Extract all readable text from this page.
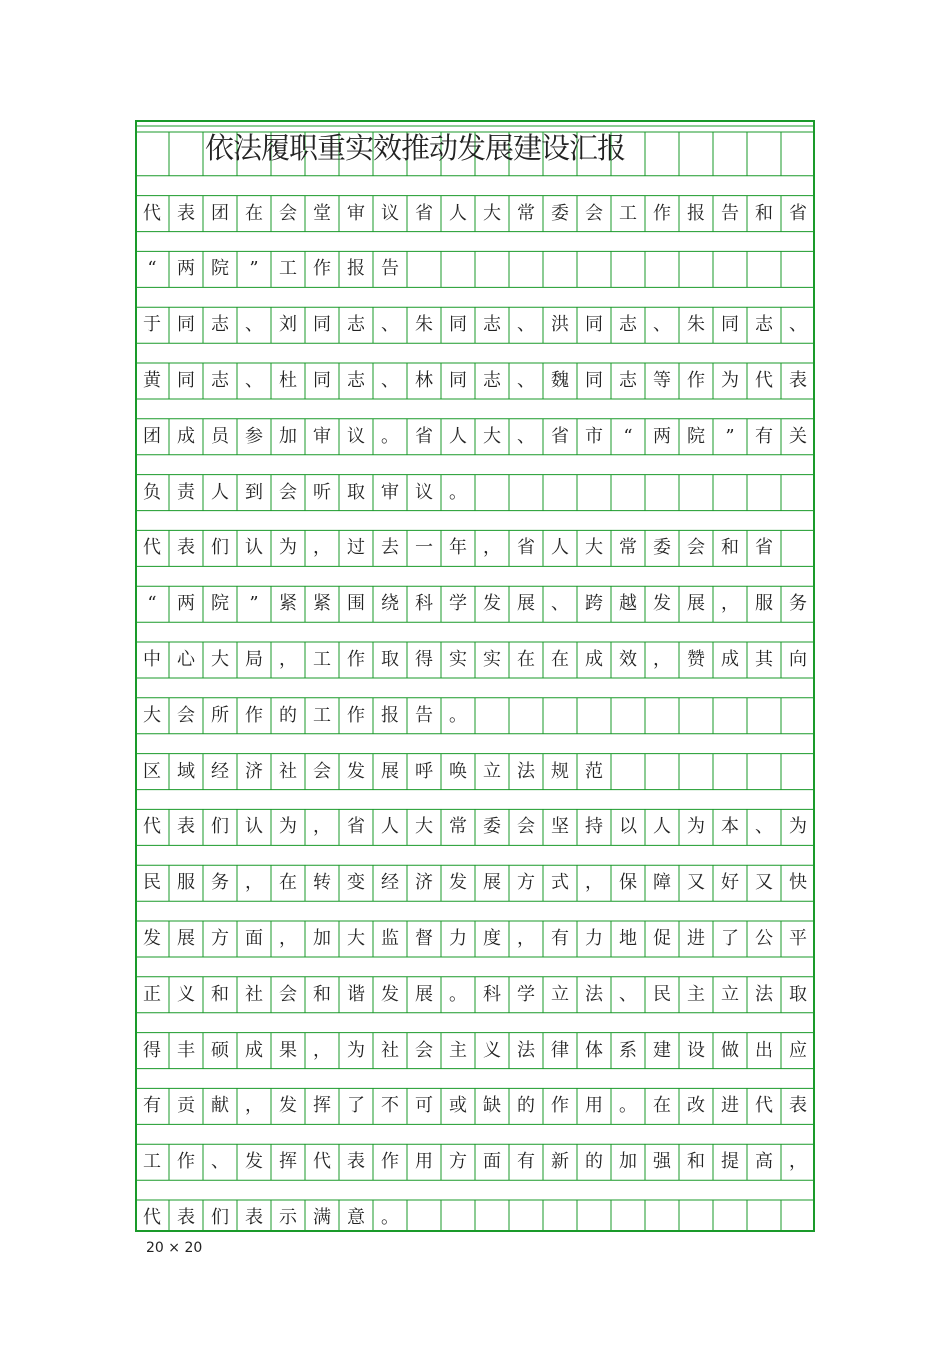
依法履职重实效推动发展建设汇报
代 表 团 在 会 堂 审 议 省 人 大 常 委 会 工 作 报 告 和 省
“	两 院	”	工 作 报 告
于 同 志 、 刘 同 志 、 朱 同 志 、 洪 同 志 、 朱 同 志 、
黄 同 志 、 杜 同 志 、 林 同 志 、 魏 同 志 等 作 为 代 表
团 成 员 参 加 审 议 。 省 人 大 、 省 市	“	两 院	”	有 关
负 责 人 到 会 听 取 审 议 。
代 表 们 认 为 ， 过 去 一 年 ， 省 人 大 常 委 会 和 省
“	两 院	”	紧 紧 围 绕 科 学 发 展 、 跨 越 发 展 ， 服 务
中 心 大 局 ， 工 作 取 得 实 实 在 在 成 效 ， 赞 成 其 向
大 会 所 作 的 工 作 报 告 。
区 域 经 济 社 会 发 展 呼 唤 立 法 规 范
代 表 们 认 为 ， 省 人 大 常 委 会 坚 持 以 人 为 本 、 为
民 服 务 ， 在 转 变 经 济 发 展 方 式 ， 保 障 又 好 又 快
发 展 方 面 ， 加 大 监 督 力 度 ， 有 力 地 促 进 了 公 平
正 义 和 社 会 和 谐 发 展 。 科 学 立 法 、 民 主 立 法 取
得 丰 硕 成 果 ， 为 社 会 主 义 法 律 体 系 建 设 做 出 应
有 贡 献 ， 发 挥 了 不 可 或 缺 的 作 用 。 在 改 进 代 表
工 作 、 发 挥 代 表 作 用 方 面 有 新 的 加 强 和 提 高 ，
代 表 们 表 示 满 意 。
20 × 20
